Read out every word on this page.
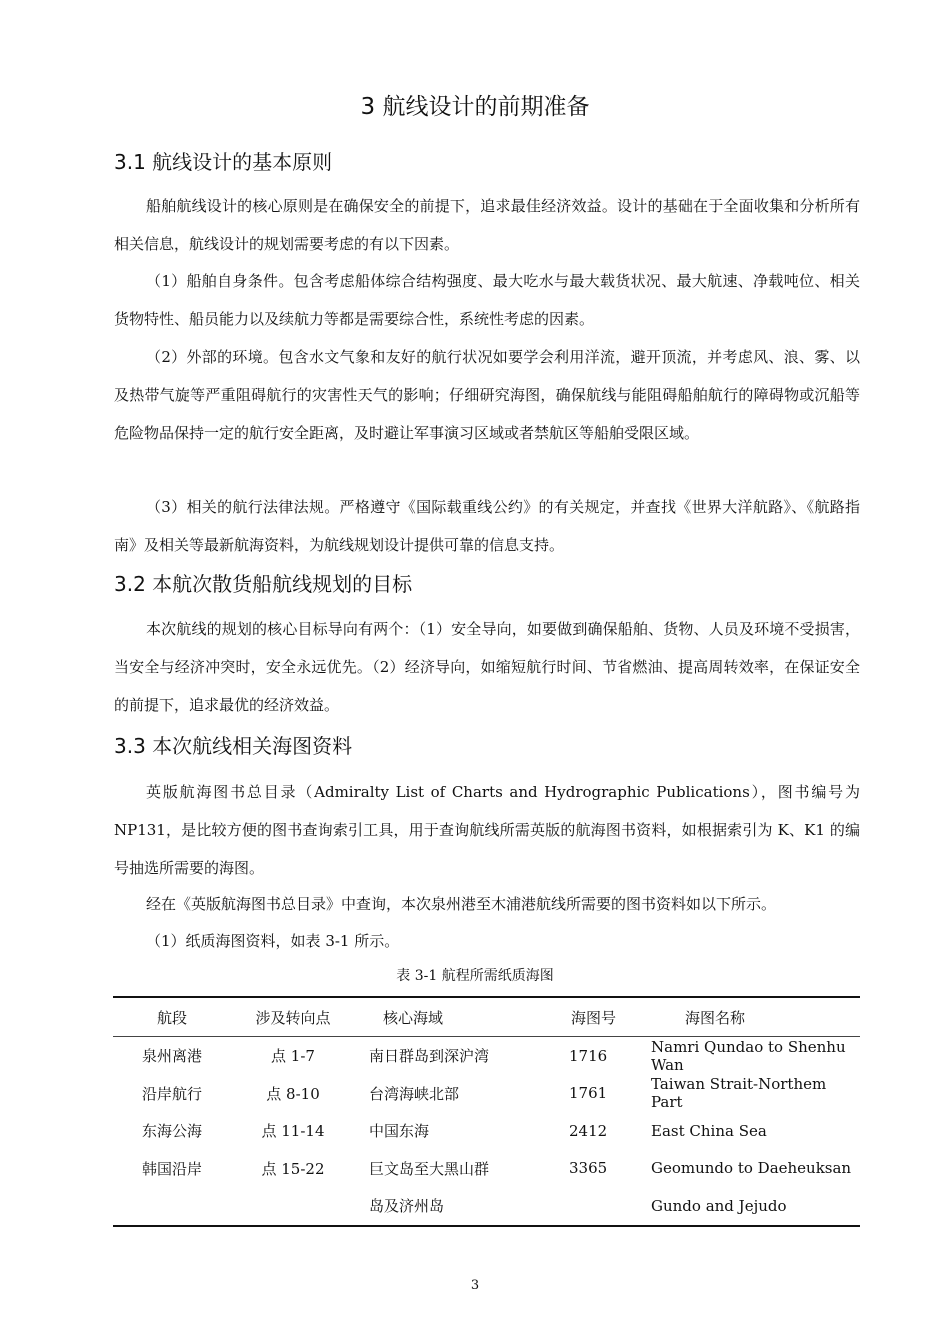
3 航线设计的前期准备
3.1 航线设计的基本原则

船舶航线设计的核心原则是在确保安全的前提下，追求最佳经济效益。设计的基础在于全面收集和分析所有相关信息，航线设计的规划需要考虑的有以下因素。

（1）船舶自身条件。包含考虑船体综合结构强度、最大吃水与最大载货状况、最大航速、净载吨位、相关货物特性、船员能力以及续航力等都是需要综合性，系统性考虑的因素。

（2）外部的环境。包含水文气象和友好的航行状况如要学会利用洋流，避开顶流，并考虑风、浪、雾、以及热带气旋等严重阻碍航行的灾害性天气的影响；仔细研究海图，确保航线与能阻碍船舶航行的障碍物或沉船等危险物品保持一定的航行安全距离，及时避让军事演习区域或者禁航区等船舶受限区域。

（3）相关的航行法律法规。严格遵守《国际载重线公约》的有关规定，并查找《世界大洋航路》、《航路指南》及相关等最新航海资料，为航线规划设计提供可靠的信息支持。

3.2 本航次散货船航线规划的目标

本次航线的规划的核心目标导向有两个：（1）安全导向，如要做到确保船舶、货物、人员及环境不受损害，当安全与经济冲突时，安全永远优先。（2）经济导向，如缩短航行时间、节省燃油、提高周转效率，在保证安全的前提下，追求最优的经济效益。

3.3 本次航线相关海图资料

英版航海图书总目录（Admiralty List of Charts and Hydrographic Publications），图书编号为 NP131，是比较方便的图书查询索引工具，用于查询航线所需英版的航海图书资料，如根据索引为 K、K1 的编号抽选所需要的海图。

经在《英版航海图书总目录》中查询，本次泉州港至木浦港航线所需要的图书资料如以下所示。

（1）纸质海图资料，如表 3-1 所示。

表 3-1 航程所需纸质海图

航段	涉及转向点	核心海域	海图号	海图名称
泉州离港	点 1-7	南日群岛到深沪湾	1716	Namri Qundao to Shenhu Wan
沿岸航行	点 8-10	台湾海峡北部	1761	Taiwan Strait-Northem Part
东海公海	点 11-14	中国东海	2412	East China Sea
韩国沿岸	点 15-22	巨文岛至大黑山群	3365	Geomundo to Daeheuksan
		岛及济州岛		Gundo and Jejudo
3
